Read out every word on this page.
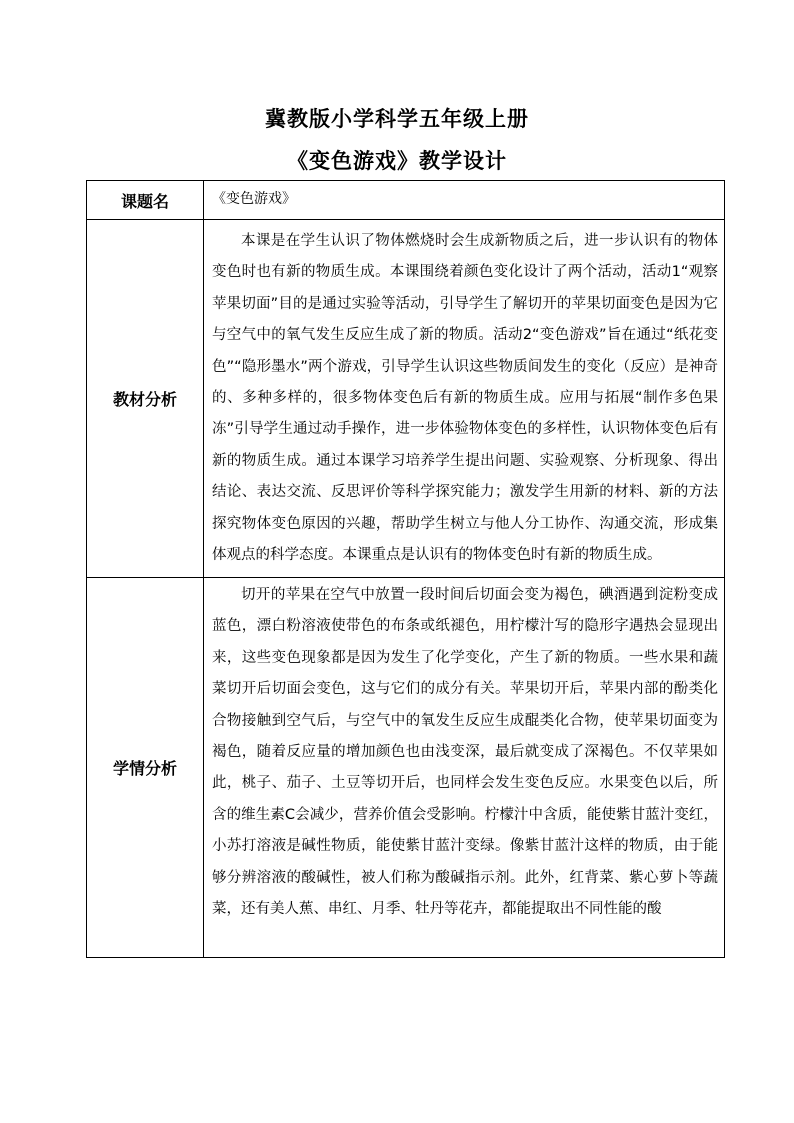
冀教版小学科学五年级上册
《变色游戏》教学设计
课题名	《变色游戏》
教材分析	本课是在学生认识了物体燃烧时会生成新物质之后，进一步认识有的物体变色时也有新的物质生成。本课围绕着颜色变化设计了两个活动，活动1“观察苹果切面”目的是通过实验等活动，引导学生了解切开的苹果切面变色是因为它与空气中的氧气发生反应生成了新的物质。活动2“变色游戏”旨在通过“纸花变色”“隐形墨水”两个游戏，引导学生认识这些物质间发生的变化（反应）是神奇的、多种多样的，很多物体变色后有新的物质生成。应用与拓展“制作多色果冻”引导学生通过动手操作，进一步体验物体变色的多样性，认识物体变色后有新的物质生成。通过本课学习培养学生提出问题、实验观察、分析现象、得出结论、表达交流、反思评价等科学探究能力；激发学生用新的材料、新的方法探究物体变色原因的兴趣，帮助学生树立与他人分工协作、沟通交流，形成集体观点的科学态度。本课重点是认识有的物体变色时有新的物质生成。

学情分析	切开的苹果在空气中放置一段时间后切面会变为褐色，碘酒遇到淀粉变成蓝色，漂白粉溶液使带色的布条或纸褪色，用柠檬汁写的隐形字遇热会显现出来，这些变色现象都是因为发生了化学变化，产生了新的物质。一些水果和蔬菜切开后切面会变色，这与它们的成分有关。苹果切开后，苹果内部的酚类化合物接触到空气后，与空气中的氧发生反应生成醌类化合物，使苹果切面变为褐色，随着反应量的增加颜色也由浅变深，最后就变成了深褐色。不仅苹果如此，桃子、茄子、土豆等切开后，也同样会发生变色反应。水果变色以后，所含的维生素C会减少，营养价值会受影响。柠檬汁中含质，能使紫甘蓝汁变红，小苏打溶液是碱性物质，能使紫甘蓝汁变绿。像紫甘蓝汁这样的物质，由于能够分辨溶液的酸碱性，被人们称为酸碱指示剂。此外，红背菜、紫心萝卜等蔬菜，还有美人蕉、串红、月季、牡丹等花卉，都能提取出不同性能的酸
